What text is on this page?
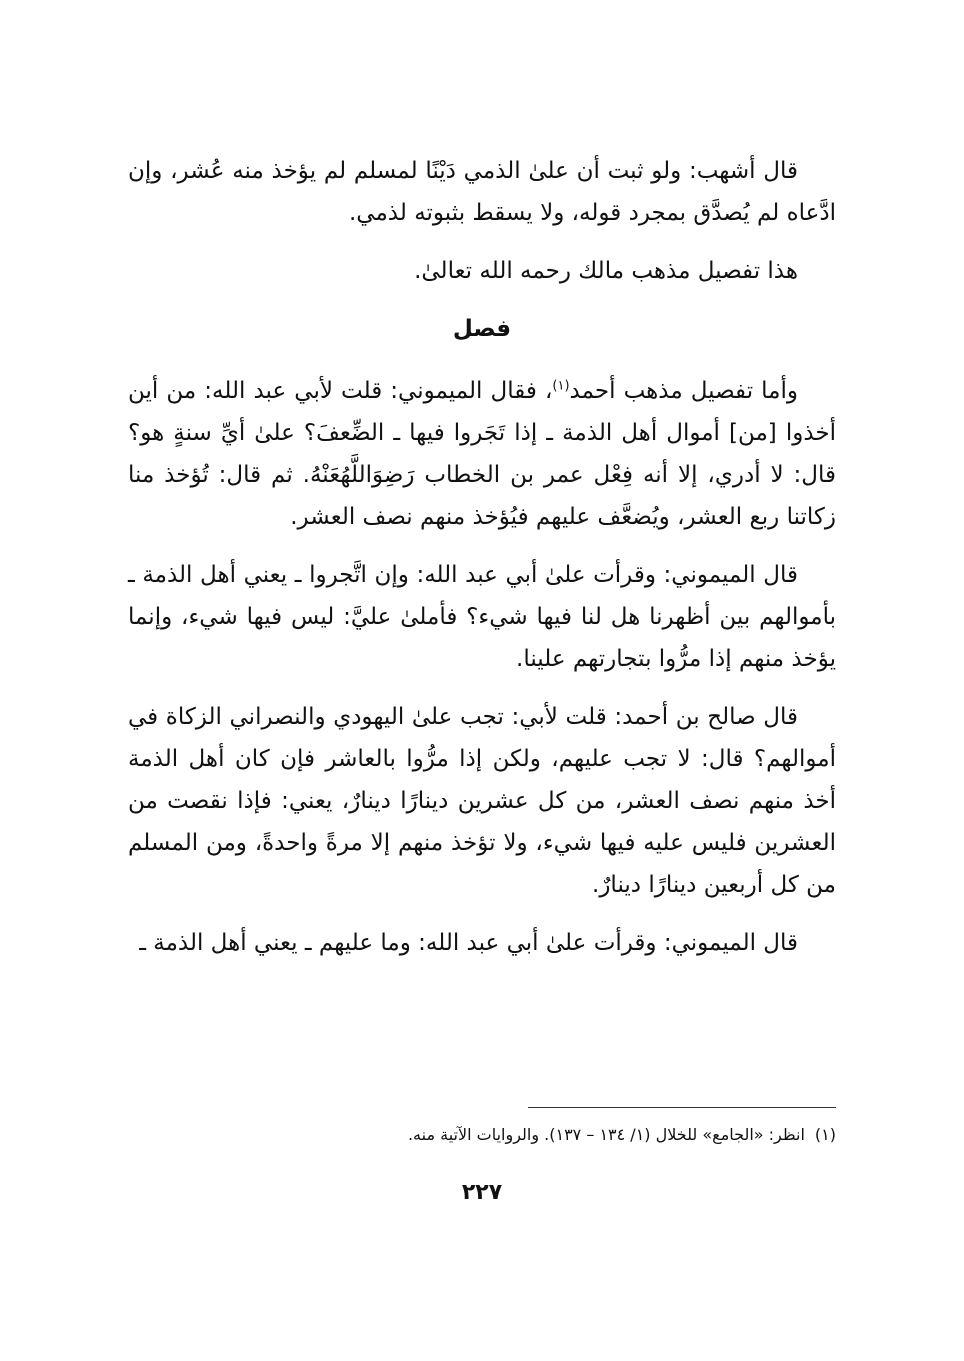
قال أشهب: ولو ثبت أن علىٰ الذمي دَيْنًا لمسلم لم يؤخذ منه عُشر، وإن ادَّعاه لم يُصدَّق بمجرد قوله، ولا يسقط بثبوته لذمي.

هذا تفصيل مذهب مالك رحمه الله تعالىٰ.

فصل

وأما تفصيل مذهب أحمد$^{(١)}$، فقال الميموني: قلت لأبي عبد الله: من أين أخذوا [من] أموال أهل الذمة ـ إذا تَجَروا فيها ـ الضِّعفَ؟ علىٰ أيِّ سنةٍ هو؟ قال: لا أدري، إلا أنه فِعْل عمر بن الخطاب رَضِوَاللَّهُعَنْهُ. ثم قال: تُؤخذ منا زكاتنا ربع العشر، ويُضعَّف عليهم فيُؤخذ منهم نصف العشر.

قال الميموني: وقرأت علىٰ أبي عبد الله: وإن اتَّجروا ـ يعني أهل الذمة ـ بأموالهم بين أظهرنا هل لنا فيها شيء؟ فأملىٰ عليَّ: ليس فيها شيء، وإنما يؤخذ منهم إذا مرُّوا بتجارتهم علينا.

قال صالح بن أحمد: قلت لأبي: تجب علىٰ اليهودي والنصراني الزكاة في أموالهم؟ قال: لا تجب عليهم، ولكن إذا مرُّوا بالعاشر فإن كان أهل الذمة أخذ منهم نصف العشر، من كل عشرين دينارًا دينارٌ، يعني: فإذا نقصت من العشرين فليس عليه فيها شيء، ولا تؤخذ منهم إلا مرةً واحدةً، ومن المسلم من كل أربعين دينارًا دينارٌ.

قال الميموني: وقرأت علىٰ أبي عبد الله: وما عليهم ـ يعني أهل الذمة ـ

(١)انظر: «الجامع» للخلال (١/ ١٣٤ – ١٣٧). والروايات الآتية منه.
٢٢٧
